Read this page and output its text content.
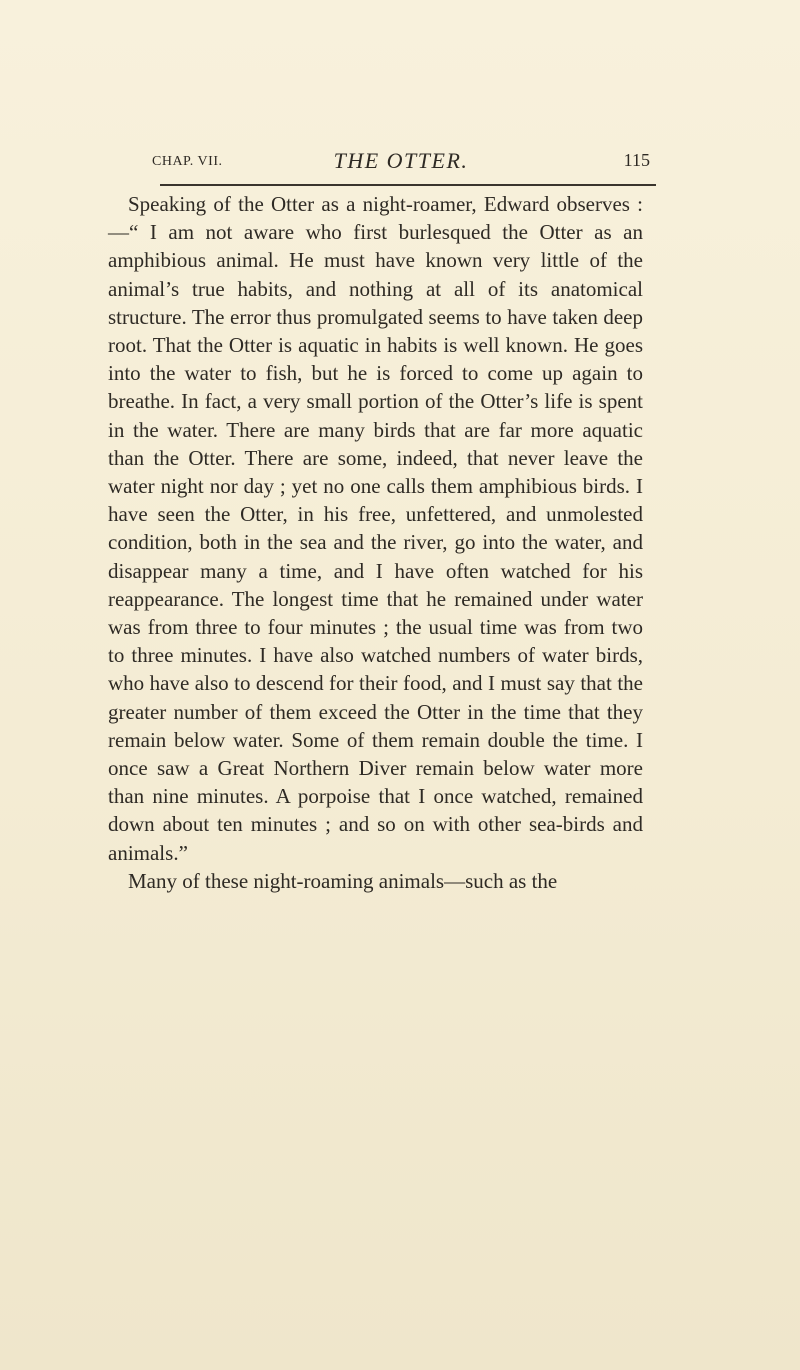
CHAP. VII.	THE OTTER.	115

Speaking of the Otter as a night-roamer, Edward observes :—“ I am not aware who first burlesqued the Otter as an amphibious animal. He must have known very little of the animal’s true habits, and nothing at all of its anatomical structure. The error thus promulgated seems to have taken deep root. That the Otter is aquatic in habits is well known. He goes into the water to fish, but he is forced to come up again to breathe. In fact, a very small portion of the Otter’s life is spent in the water. There are many birds that are far more aquatic than the Otter. There are some, indeed, that never leave the water night nor day ; yet no one calls them amphibious birds. I have seen the Otter, in his free, unfettered, and unmolested condition, both in the sea and the river, go into the water, and disappear many a time, and I have often watched for his reappearance. The longest time that he remained under water was from three to four minutes ; the usual time was from two to three minutes. I have also watched numbers of water birds, who have also to descend for their food, and I must say that the greater number of them exceed the Otter in the time that they remain below water. Some of them remain double the time. I once saw a Great Northern Diver remain below water more than nine minutes. A porpoise that I once watched, remained down about ten minutes ; and so on with other sea-birds and animals.”

Many of these night-roaming animals—such as the
